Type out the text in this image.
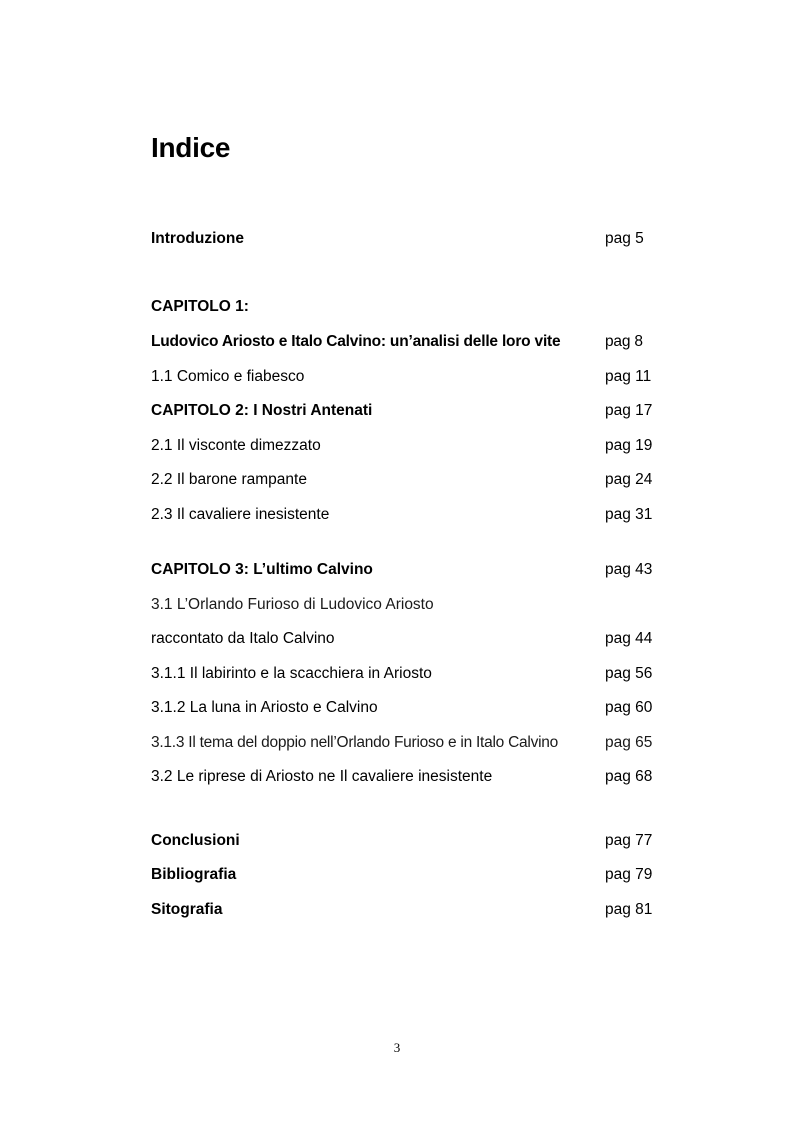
Indice
Introduzione	pag 5
CAPITOLO 1:
Ludovico Ariosto e Italo Calvino: un’analisi delle loro vite	pag 8
1.1 Comico e fiabesco	pag 11
CAPITOLO 2: I Nostri Antenati	pag 17
2.1 Il visconte dimezzato	pag 19
2.2 Il barone rampante	pag 24
2.3 Il cavaliere inesistente	pag 31
CAPITOLO 3: L’ultimo Calvino	pag 43
3.1 L’Orlando Furioso di Ludovico Ariosto
raccontato da Italo Calvino	pag 44
3.1.1 Il labirinto e la scacchiera in Ariosto	pag 56
3.1.2 La luna in Ariosto e Calvino	pag 60
3.1.3 Il tema del doppio nell’Orlando Furioso e in Italo Calvino	pag 65
3.2 Le riprese di Ariosto ne Il cavaliere inesistente	pag 68
Conclusioni	pag 77
Bibliografia	pag 79
Sitografia	pag 81
3
